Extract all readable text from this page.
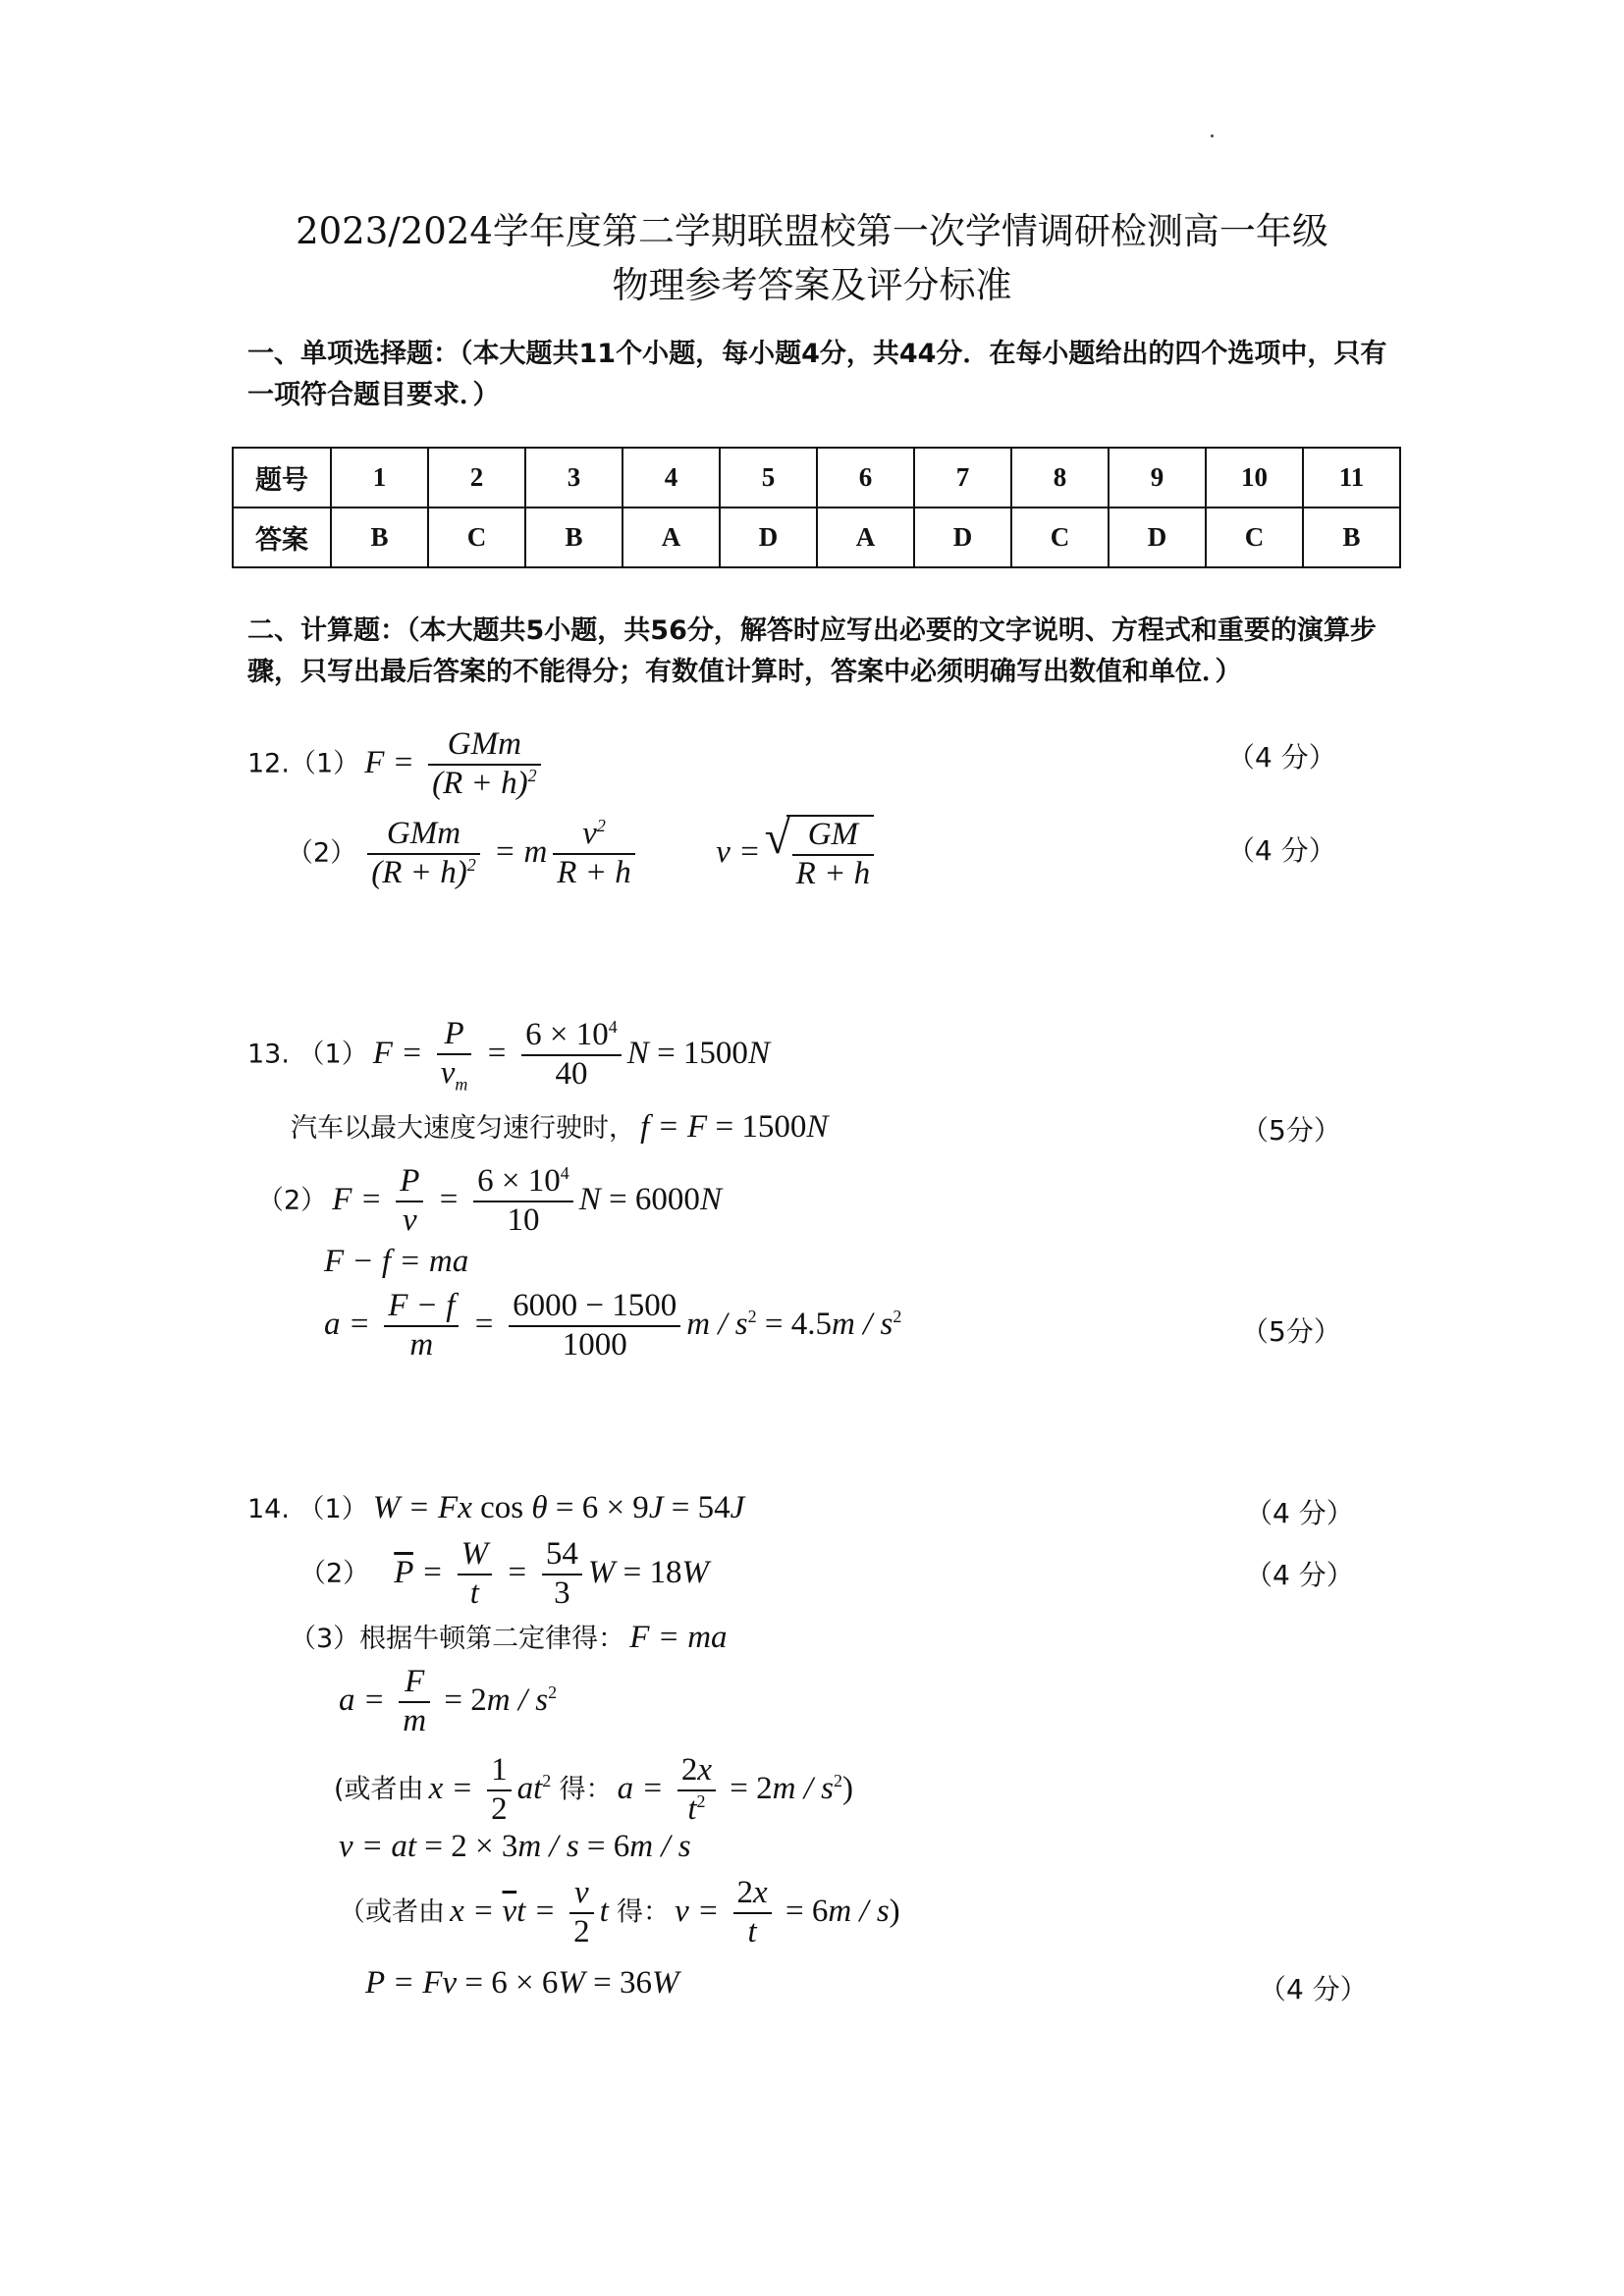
2023/2024学年度第二学期联盟校第一次学情调研检测高一年级
物理参考答案及评分标准
一、单项选择题：（本大题共11个小题，每小题4分，共44分．在每小题给出的四个选项中，只有一项符合题目要求．）
题号	1	2	3	4	5	6	7	8	9	10	11
答案	B	C	B	A	D	A	D	C	D	C	B
二、计算题：（本大题共5小题，共56分，解答时应写出必要的文字说明、方程式和重要的演算步骤，只写出最后答案的不能得分；有数值计算时，答案中必须明确写出数值和单位．）
12.（1） F =
GMm
$(R + h)^2$
（4 分）
（2）
GMm
$(R + h)^2 = m \frac{v^2}{R + h}$ v = √ $\frac{GM}{R + h}$	（4 分）
13. （1） $F = \frac{P}{v_m} = \frac{6 \times 10^4}{40}$ N = 1500N
汽车以最大速度匀速行驶时， f = F = 1500N	（5分）
（2） $F = \frac{P}{v} = \frac{6 \times 10^4}{10}$ N = 6000N
F − f = ma
$a = \frac{F - f}{m} = \frac{6000 - 1500}{1000}$ $m / s^2 = 4.5m / s^2$	（5分）
14. （1） W = Fx cos θ = 6 × 9J = 54J	（4 分）
（2） $\overline{P} = \frac{W}{t} = \frac{54}{3}$ W = 18W	（4 分）
（3）根据牛顿第二定律得： F = ma
$a = \frac{F}{m} = 2m / s^2$
(或者由 $x = \frac{1}{2} at^2$ 得： $a = \frac{2x}{t^2} = 2m / s^2$)
v = at = 2 × 3m / s = 6m / s
（或者由 $x = \overline{v}t = \frac{v}{2}$ t 得： $v = \frac{2x}{t} = 6m / s$)
P = Fv = 6 × 6W = 36W	（4 分）
